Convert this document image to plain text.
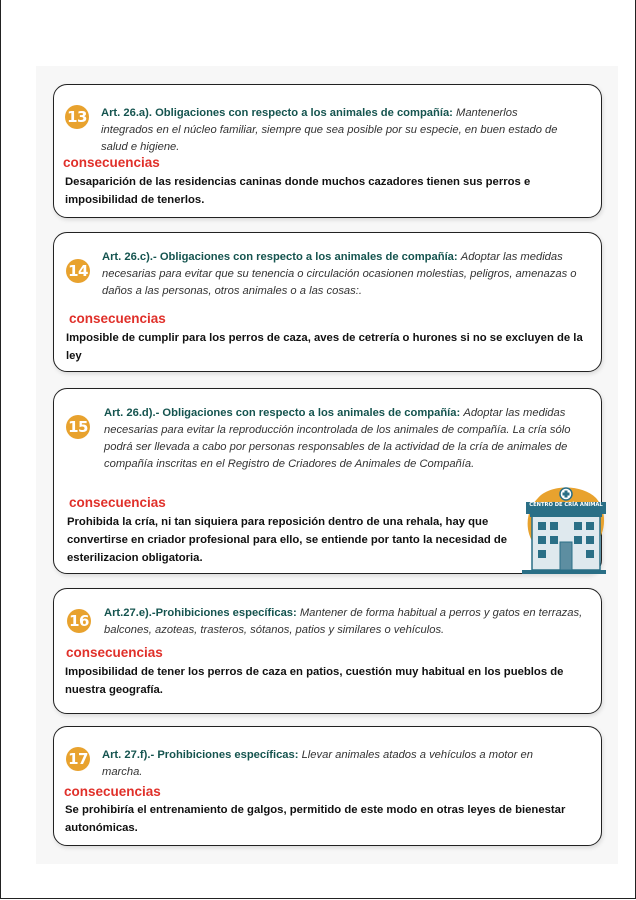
13 Art. 26.a). Obligaciones con respecto a los animales de compañía: Mantenerlos integrados en el núcleo familiar, siempre que sea posible por su especie, en buen estado de salud e higiene.
consecuencias
Desaparición de las residencias caninas donde muchos cazadores tienen sus perros e imposibilidad de tenerlos.
14
Art. 26.c).- Obligaciones con respecto a los animales de compañía: Adoptar las medidas necesarias para evitar que su tenencia o circulación ocasionen molestias, peligros, amenazas o daños a las personas, otros animales o a las cosas:.
consecuencias
Imposible de cumplir para los perros de caza, aves de cetrería o hurones si no se excluyen de la ley
15
Art. 26.d).- Obligaciones con respecto a los animales de compañía: Adoptar las medidas necesarias para evitar la reproducción incontrolada de los animales de compañía. La cría sólo podrá ser llevada a cabo por personas responsables de la actividad de la cría de animales de compañía inscritas en el Registro de Criadores de Animales de Compañía.
consecuencias
Prohibida la cría, ni tan siquiera para reposición dentro de una rehala, hay que convertirse en criador profesional para ello, se entiende por tanto la necesidad de esterilizacion obligatoria.
CENTRO DE CRÍA ANIMAL
16 Art.27.e).-Prohibiciones específicas: Mantener de forma habitual a perros y gatos en terrazas, balcones, azoteas, trasteros, sótanos, patios y similares o vehículos.
consecuencias
Imposibilidad de tener los perros de caza en patios, cuestión muy habitual en los pueblos de nuestra geografía.
17 Art. 27.f).- Prohibiciones específicas: Llevar animales atados a vehículos a motor en marcha.
consecuencias
Se prohibiría el entrenamiento de galgos, permitido de este modo en otras leyes de bienestar autonómicas.
